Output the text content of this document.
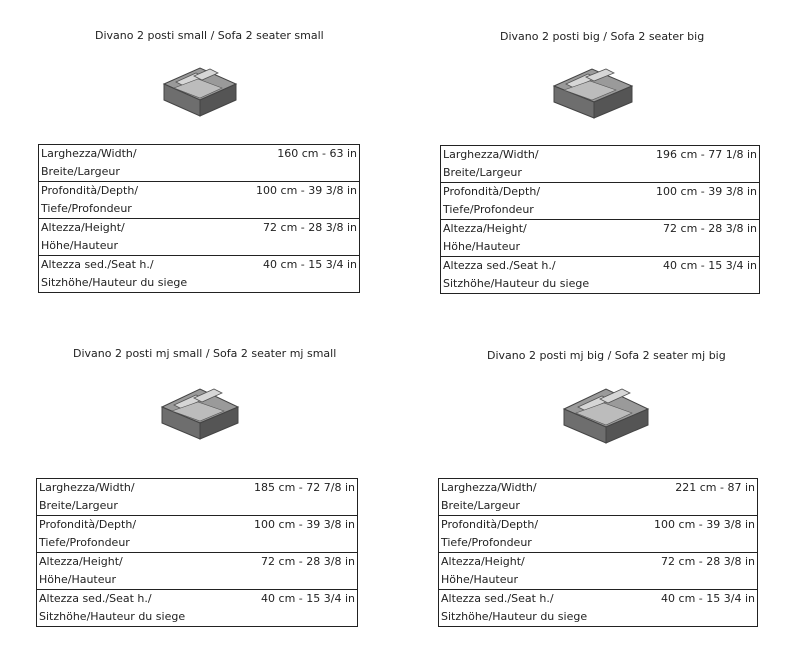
Divano 2 posti small / Sofa 2 seater small
160 cm - 63 in
Larghezza/Width/
Breite/Largeur

100 cm - 39 3/8 in
Profondità/Depth/
Tiefe/Profondeur

72 cm - 28 3/8 in
Altezza/Height/
Höhe/Hauteur

40 cm - 15 3/4 in
Altezza sed./Seat h./
Sitzhöhe/Hauteur du siege
Divano 2 posti big / Sofa 2 seater big
196 cm - 77 1/8 in
Larghezza/Width/
Breite/Largeur

100 cm - 39 3/8 in
Profondità/Depth/
Tiefe/Profondeur

72 cm - 28 3/8 in
Altezza/Height/
Höhe/Hauteur

40 cm - 15 3/4 in
Altezza sed./Seat h./
Sitzhöhe/Hauteur du siege
Divano 2 posti mj small / Sofa 2 seater mj small
185 cm - 72 7/8 in
Larghezza/Width/
Breite/Largeur

100 cm - 39 3/8 in
Profondità/Depth/
Tiefe/Profondeur

72 cm - 28 3/8 in
Altezza/Height/
Höhe/Hauteur

40 cm - 15 3/4 in
Altezza sed./Seat h./
Sitzhöhe/Hauteur du siege
Divano 2 posti mj big / Sofa 2 seater mj big
221 cm - 87 in
Larghezza/Width/
Breite/Largeur

100 cm - 39 3/8 in
Profondità/Depth/
Tiefe/Profondeur

72 cm - 28 3/8 in
Altezza/Height/
Höhe/Hauteur

40 cm - 15 3/4 in
Altezza sed./Seat h./
Sitzhöhe/Hauteur du siege
